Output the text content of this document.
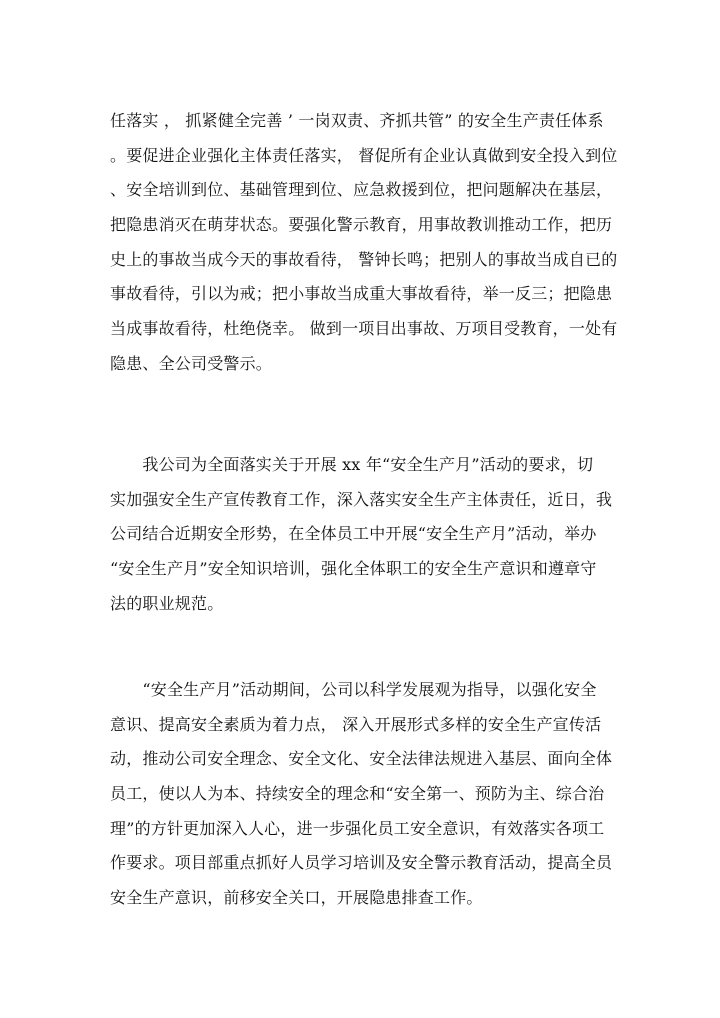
任落实 ， 抓紧健全完善 ’ 一岗双责、齐抓共管” 的安全生产责任体系
。要促进企业强化主体责任落实， 督促所有企业认真做到安全投入到位
、安全培训到位、基础管理到位、应急救援到位，把问题解决在基层，
把隐患消灭在萌芽状态。要强化警示教育，用事故教训推动工作，把历
史上的事故当成今天的事故看待， 警钟长鸣；把别人的事故当成自已的
事故看待，引以为戒；把小事故当成重大事故看待，举一反三；把隐患
当成事故看待，杜绝侥幸。 做到一项目出事故、万项目受教育，一处有
隐患、全公司受警示。
　　我公司为全面落实关于开展 xx 年“安全生产月”活动的要求，切
实加强安全生产宣传教育工作，深入落实安全生产主体责任，近日，我
公司结合近期安全形势，在全体员工中开展“安全生产月”活动，举办
“安全生产月”安全知识培训，强化全体职工的安全生产意识和遵章守
法的职业规范。
　　“安全生产月”活动期间，公司以科学发展观为指导，以强化安全
意识、提高安全素质为着力点， 深入开展形式多样的安全生产宣传活
动，推动公司安全理念、安全文化、安全法律法规进入基层、面向全体
员工，使以人为本、持续安全的理念和“安全第一、预防为主、综合治
理”的方针更加深入人心，进一步强化员工安全意识，有效落实各项工
作要求。项目部重点抓好人员学习培训及安全警示教育活动，提高全员
安全生产意识，前移安全关口，开展隐患排查工作。
